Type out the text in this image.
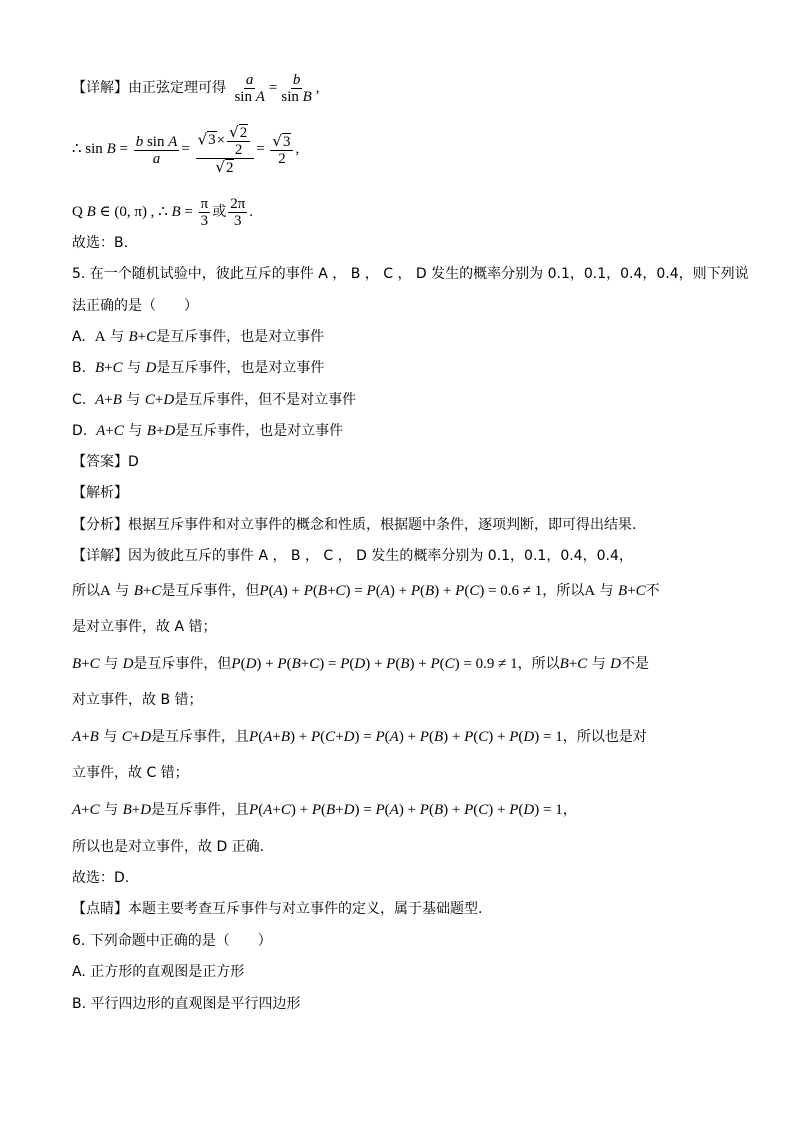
【详解】由正弦定理可得 $\frac{a}{\text{sin A}} = \frac{b}{\text{sin B}}$ ,
∴ $\sin B = \frac{\text{b sin A}}{a} = \frac{√3\times \frac{√2}{2}}{√2} = \frac{√3}{2}$ ,
Q B ∈ (0, π) , ∴ $B = \frac{\pi}{3}$ 或 $\frac{2\pi}{3}$ .
故选：B.
5. 在一个随机试验中，彼此互斥的事件 A ， B ， C ， D 发生的概率分别为 0.1，0.1，0.4，0.4，则下列说
法正确的是（　　）
A. A 与 B+C是互斥事件，也是对立事件
B. B+C 与 D是互斥事件，也是对立事件
C. A+B 与 C+D是互斥事件，但不是对立事件
D. A+C 与 B+D是互斥事件，也是对立事件
【答案】D
【解析】
【分析】根据互斥事件和对立事件的概念和性质，根据题中条件，逐项判断，即可得出结果.
【详解】因为彼此互斥的事件 A ， B ， C ， D 发生的概率分别为 0.1，0.1，0.4，0.4，
所以A 与 B+C是互斥事件，但P(A) + P(B+C) = P(A) + P(B) + P(C) = 0.6 ≠ 1，所以A 与 B+C不
是对立事件，故 A 错；
B+C 与 D是互斥事件，但P(D) + P(B+C) = P(D) + P(B) + P(C) = 0.9 ≠ 1，所以B+C 与 D不是
对立事件，故 B 错；
A+B 与 C+D是互斥事件，且P(A+B) + P(C+D) = P(A) + P(B) + P(C) + P(D) = 1，所以也是对
立事件，故 C 错；
A+C 与 B+D是互斥事件，且P(A+C) + P(B+D) = P(A) + P(B) + P(C) + P(D) = 1，
所以也是对立事件，故 D 正确.
故选：D.
【点睛】本题主要考查互斥事件与对立事件的定义，属于基础题型.
6. 下列命题中正确的是（　　）
A. 正方形的直观图是正方形
B. 平行四边形的直观图是平行四边形
